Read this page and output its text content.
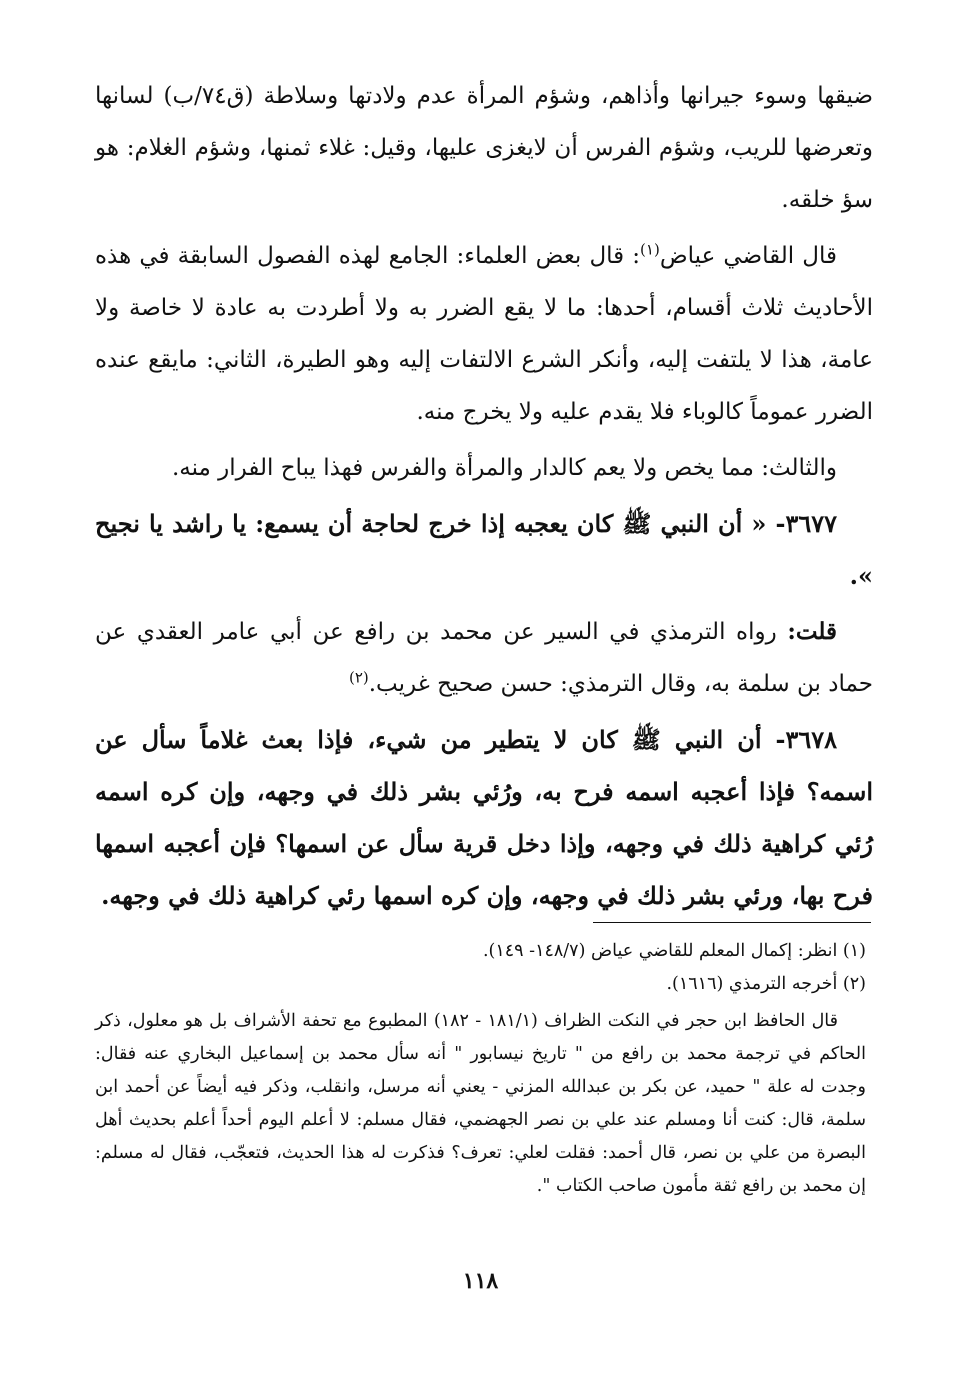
ضيقها وسوء جيرانها وأذاهم، وشؤم المرأة عدم ولادتها وسلاطة (ق٧٤/ب) لسانها وتعرضها للريب، وشؤم الفرس أن لايغزى عليها، وقيل: غلاء ثمنها، وشؤم الغلام: هو سؤ خلقه.

قال القاضي عياض$^{(١)}$: قال بعض العلماء: الجامع لهذه الفصول السابقة في هذه الأحاديث ثلاث أقسام، أحدها: ما لا يقع الضرر به ولا أطردت به عادة لا خاصة ولا عامة، هذا لا يلتفت إليه، وأنكر الشرع الالتفات إليه وهو الطيرة، الثاني: مايقع عنده الضرر عموماً كالوباء فلا يقدم عليه ولا يخرج منه.

والثالث: مما يخص ولا يعم كالدار والمرأة والفرس فهذا يباح الفرار منه.

٣٦٧٧- « أن النبي ﷺ كان يعجبه إذا خرج لحاجة أن يسمع: يا راشد يا نجيح ».

قلت: رواه الترمذي في السير عن محمد بن رافع عن أبي عامر العقدي عن حماد بن سلمة به، وقال الترمذي: حسن صحيح غريب.$^{(٢)}$

٣٦٧٨- أن النبي ﷺ كان لا يتطير من شيء، فإذا بعث غلاماً سأل عن اسمه؟ فإذا أعجبه اسمه فرح به، ورُئي بشر ذلك في وجهه، وإن كره اسمه رُئي كراهية ذلك في وجهه، وإذا دخل قرية سأل عن اسمها؟ فإن أعجبه اسمها فرح بها، ورئي بشر ذلك في وجهه، وإن كره اسمها رئي كراهية ذلك في وجهه.

(١) انظر: إكمال المعلم للقاضي عياض (١٤٨/٧- ١٤٩).

(٢) أخرجه الترمذي (١٦١٦).

قال الحافظ ابن حجر في النكت الظراف (١٨١/١ - ١٨٢) المطبوع مع تحفة الأشراف بل هو معلول، ذكر الحاكم في ترجمة محمد بن رافع من " تاريخ نيسابور " أنه سأل محمد بن إسماعيل البخاري عنه فقال: وجدت له علة " حميد، عن بكر بن عبدالله المزني - يعني أنه مرسل، وانقلب، وذكر فيه أيضاً عن أحمد ابن سلمة، قال: كنت أنا ومسلم عند علي بن نصر الجهضمي، فقال مسلم: لا أعلم اليوم أحداً أعلم بحديث أهل البصرة من علي بن نصر، قال أحمد: فقلت لعلي: تعرف؟ فذكرت له هذا الحديث، فتعجّب، فقال له مسلم: إن محمد بن رافع ثقة مأمون صاحب الكتاب ".

١١٨
